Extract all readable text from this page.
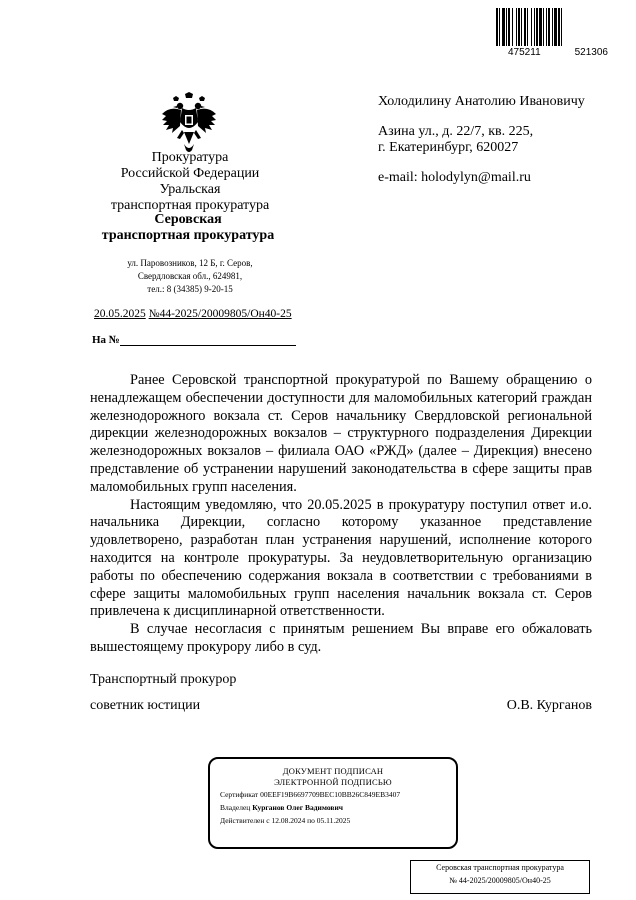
475211	521306
Прокуратура
Российской Федерации
Уральская
транспортная прокуратура
Серовская
транспортная прокуратура
ул. Паровозников, 12 Б, г. Серов,
Свердловская обл., 624981,
тел.: 8 (34385) 9-20-15
20.05.2025 №44-2025/20009805/Он40-25
На №

Холодилину Анатолию Ивановичу

Азина ул., д. 22/7, кв. 225,
г. Екатеринбург, 620027

e-mail: holodylyn@mail.ru

Ранее Серовской транспортной прокуратурой по Вашему обращению о ненадлежащем обеспечении доступности для маломобильных категорий граждан железнодорожного вокзала ст. Серов начальнику Свердловской региональной дирекции железнодорожных вокзалов – структурного подразделения Дирекции железнодорожных вокзалов – филиала ОАО «РЖД» (далее – Дирекция) внесено представление об устранении нарушений законодательства в сфере защиты прав маломобильных групп населения.

Настоящим уведомляю, что 20.05.2025 в прокуратуру поступил ответ и.о. начальника Дирекции, согласно которому указанное представление удовлетворено, разработан план устранения нарушений, исполнение которого находится на контроле прокуратуры. За неудовлетворительную организацию работы по обеспечению содержания вокзала в соответствии с требованиями в сфере защиты маломобильных групп населения начальник вокзала ст. Серов привлечена к дисциплинарной ответственности.

В случае несогласия с принятым решением Вы вправе его обжаловать вышестоящему прокурору либо в суд.

Транспортный прокурор
советник юстиции	О.В. Курганов
ДОКУМЕНТ ПОДПИСАН
ЭЛЕКТРОННОЙ ПОДПИСЬЮ
Сертификат 00EEF19B6697709BEC10BB26C849EB3407
Владелец Курганов Олег Вадимович
Действителен с 12.08.2024 по 05.11.2025
Серовская транспортная прокуратура
№ 44-2025/20009805/Он40-25
